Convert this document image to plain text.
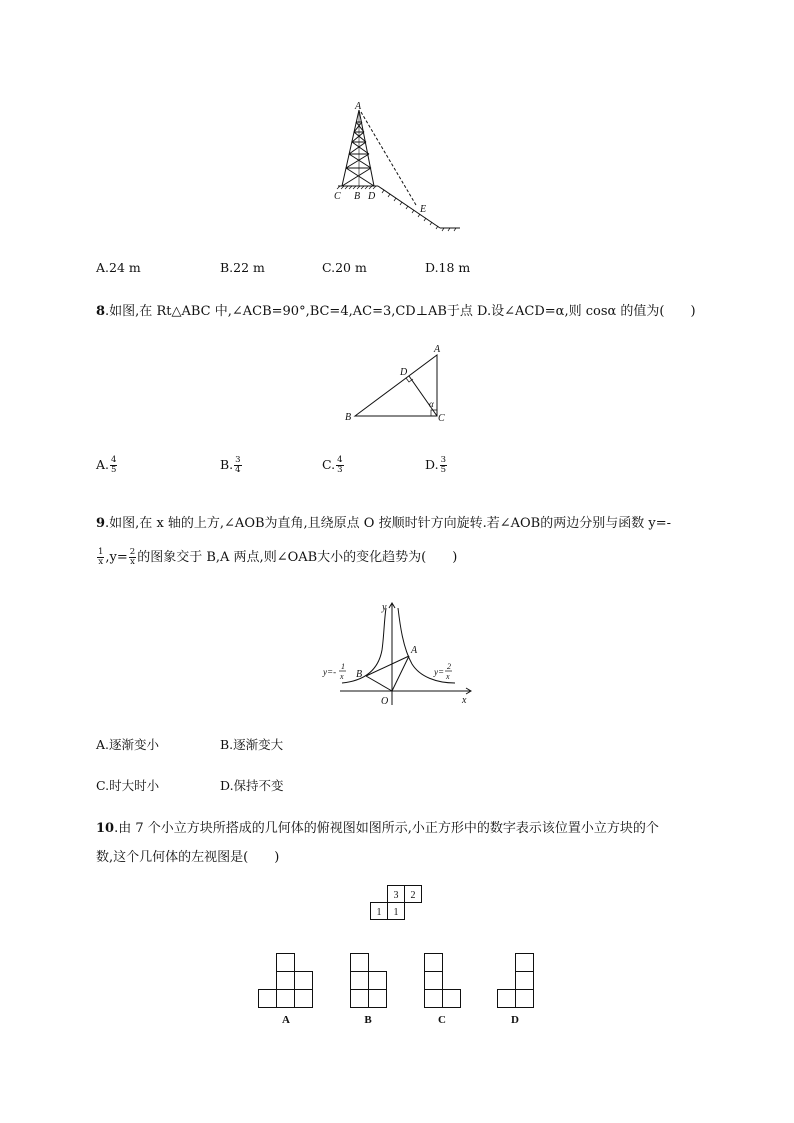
A
C B D
E
A.24 m	B.22 m	C.20 m	D.18 m
8.如图,在 Rt△ABC 中,∠ACB=90°,BC=4,AC=3,CD⊥AB于点 D.设∠ACD=α,则 cosα 的值为(　　)
A
B	C
D
α
A. $\frac{4}{5}$	B. $\frac{3}{4}$	C. $\frac{4}{3}$	D. $\frac{3}{5}$
9.如图,在 x 轴的上方,∠AOB为直角,且绕原点 O 按顺时针方向旋转.若∠AOB的两边分别与函数 y=-
$\frac{1}{x} ,y= \frac{2}{x}$ 的图象交于 B,A 两点,则∠OAB大小的变化趋势为(　　)
y
x
O
A
B
y=-
1
x	y=
2
x
A.逐渐变小	B.逐渐变大
C.时大时小	D.保持不变
10.由 7 个小立方块所搭成的几何体的俯视图如图所示,小正方形中的数字表示该位置小立方块的个
数,这个几何体的左视图是(　　)
3 2
1 1
A	B	C	D
